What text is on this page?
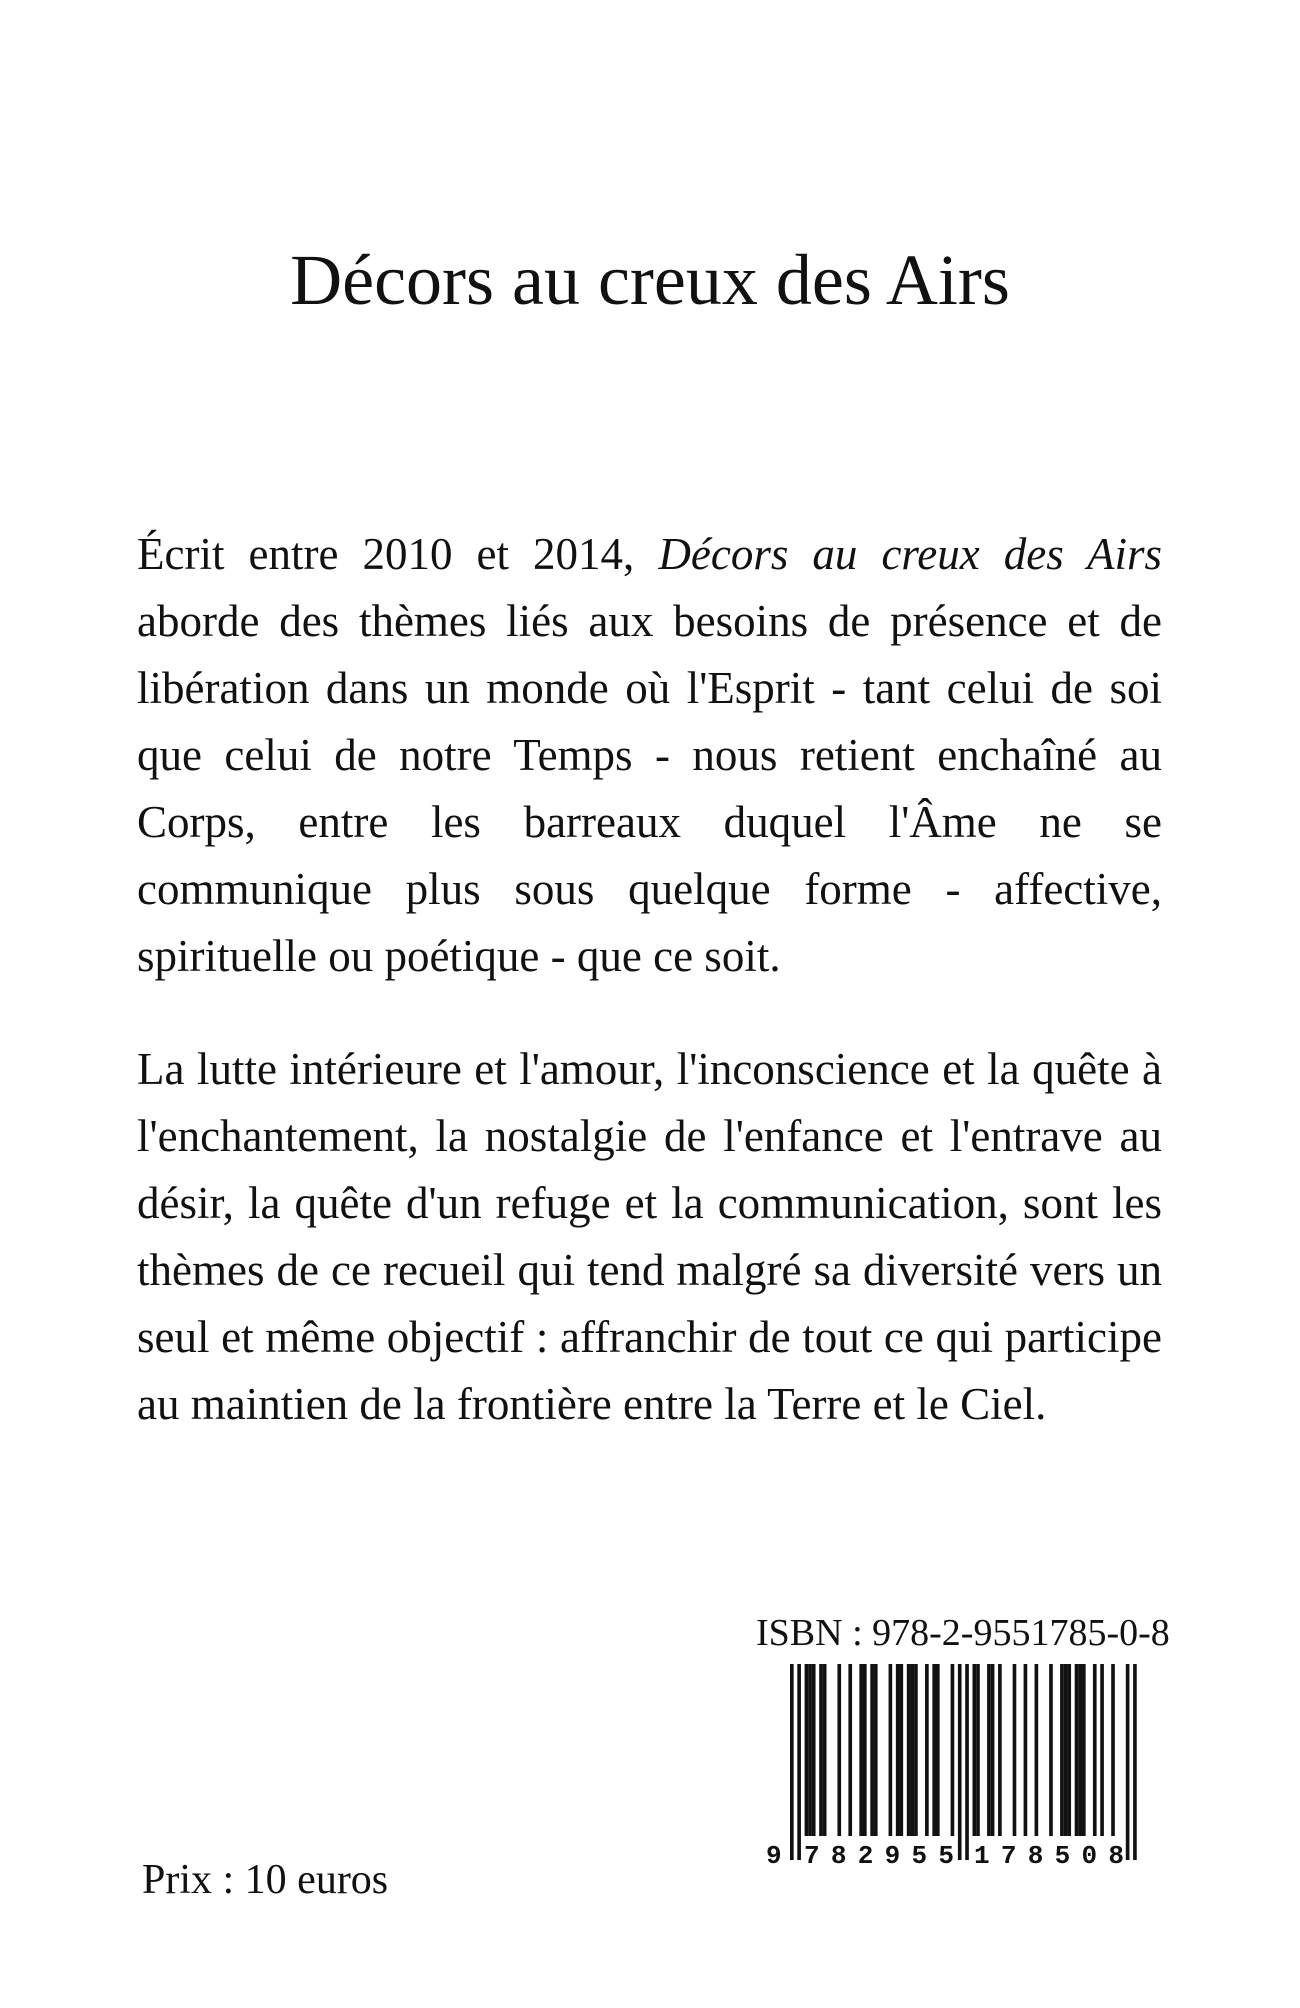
Décors au creux des Airs

Écrit entre 2010 et 2014, Décors au creux des Airs aborde des thèmes liés aux besoins de présence et de libération dans un monde où l'Esprit - tant celui de soi que celui de notre Temps - nous retient enchaîné au Corps, entre les barreaux duquel l'Âme ne se communique plus sous quelque forme - affective, spirituelle ou poétique - que ce soit.

La lutte intérieure et l'amour, l'inconscience et la quête à l'enchantement, la nostalgie de l'enfance et l'entrave au désir, la quête d'un refuge et la communication, sont les thèmes de ce recueil qui tend malgré sa diversité vers un seul et même objectif : affranchir de tout ce qui participe au maintien de la frontière entre la Terre et le Ciel.

ISBN : 978-2-9551785-0-8
9 782955 178508
Prix : 10 euros
